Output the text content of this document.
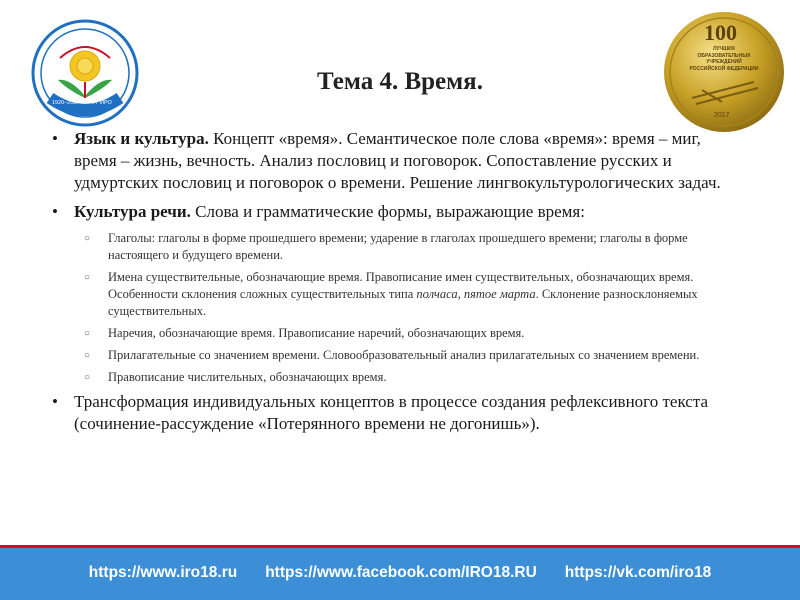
1920–2017 УГ ИРО
100
ЛУЧШИХ
ОБРАЗОВАТЕЛЬНЫХ
УЧРЕЖДЕНИЙ
РОССИЙСКОЙ ФЕДЕРАЦИИ
2017
Тема 4. Время.
• Язык и культура. Концепт «время». Семантическое поле слова «время»: время – миг, время – жизнь, вечность. Анализ пословиц и поговорок. Сопоставление русских и удмуртских пословиц и поговорок о времени. Решение лингвокультурологических задач.
• Культура речи. Слова и грамматические формы, выражающие время:
○ Глаголы: глаголы в форме прошедшего времени; ударение в глаголах прошедшего времени; глаголы в форме настоящего и будущего времени.
○ Имена существительные, обозначающие время. Правописание имен существительных, обозначающих время. Особенности склонения сложных существительных типа полчаса, пятое марта. Склонение разносклоняемых существительных.
○ Наречия, обозначающие время. Правописание наречий, обозначающих время.
○ Прилагательные со значением времени. Словообразовательный анализ прилагательных со значением времени.
○ Правописание числительных, обозначающих время.
• Трансформация индивидуальных концептов в процессе создания рефлексивного текста (сочинение-рассуждение «Потерянного времени не догонишь»).
https://www.iro18.ru https://www.facebook.com/IRO18.RU https://vk.com/iro18
